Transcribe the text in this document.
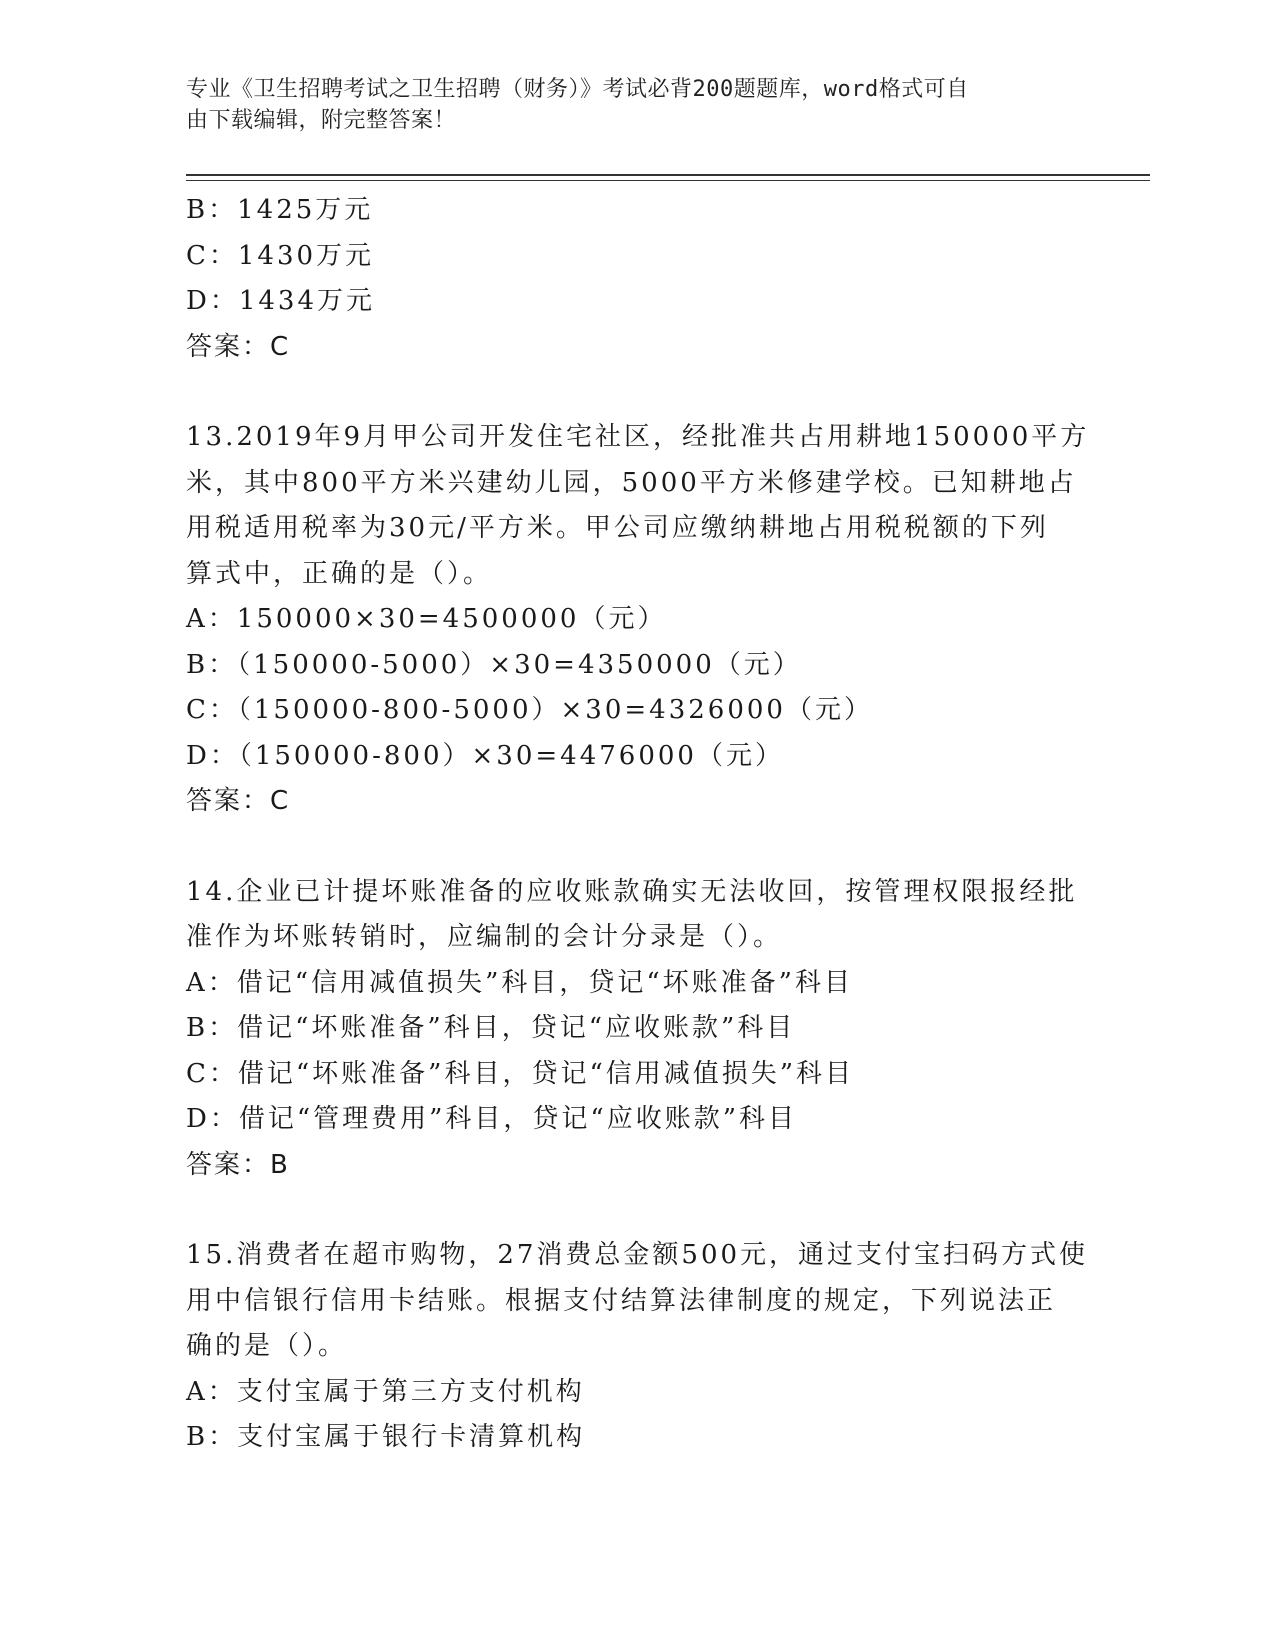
专业《卫生招聘考试之卫生招聘（财务）》考试必背200题题库，word格式可自
由下载编辑，附完整答案！
B：1425万元
C：1430万元
D：1434万元
答案：C
13.2019年9月甲公司开发住宅社区，经批准共占用耕地150000平方
米，其中800平方米兴建幼儿园，5000平方米修建学校。已知耕地占
用税适用税率为30元/平方米。甲公司应缴纳耕地占用税税额的下列
算式中，正确的是（）。
A：150000×30=4500000（元）
B：（150000-5000）×30=4350000（元）
C：（150000-800-5000）×30=4326000（元）
D：（150000-800）×30=4476000（元）
答案：C
14.企业已计提坏账准备的应收账款确实无法收回，按管理权限报经批
准作为坏账转销时，应编制的会计分录是（）。
A：借记“信用减值损失”科目，贷记“坏账准备”科目
B：借记“坏账准备”科目，贷记“应收账款”科目
C：借记“坏账准备”科目，贷记“信用减值损失”科目
D：借记“管理费用”科目，贷记“应收账款”科目
答案：B
15.消费者在超市购物，27消费总金额500元，通过支付宝扫码方式使
用中信银行信用卡结账。根据支付结算法律制度的规定，下列说法正
确的是（）。
A：支付宝属于第三方支付机构
B：支付宝属于银行卡清算机构
